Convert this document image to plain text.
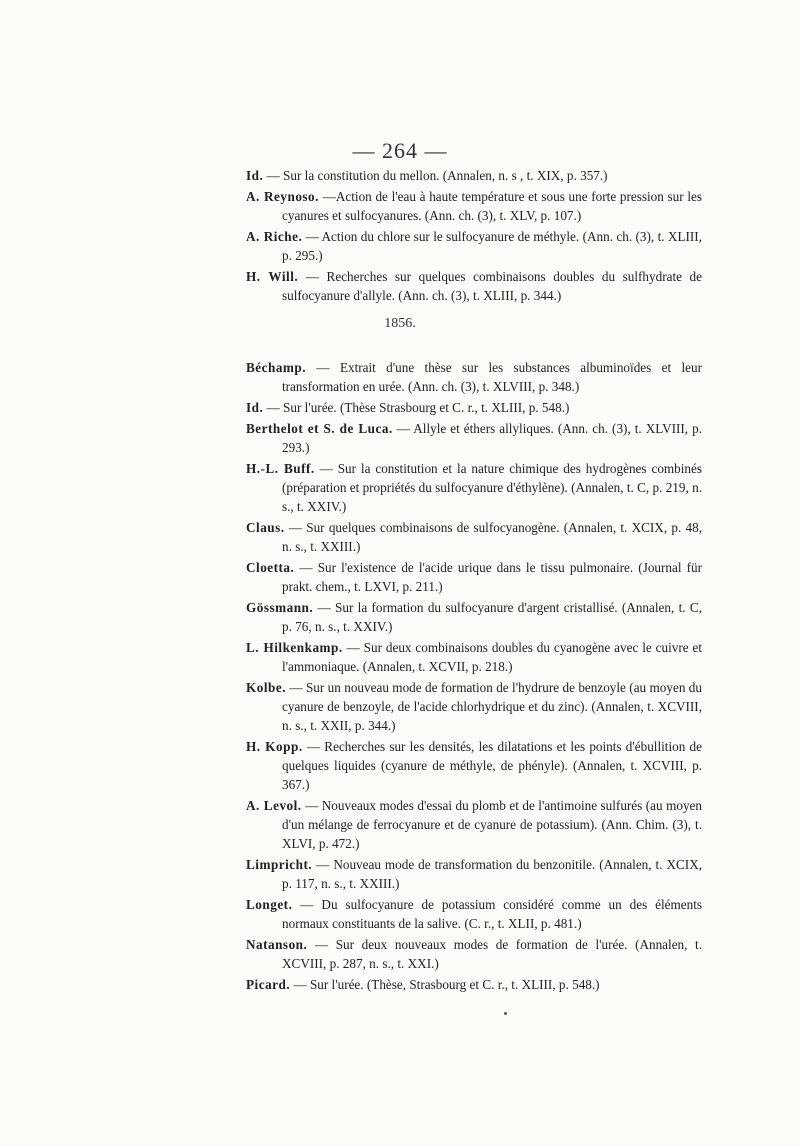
— 264 —
Id. — Sur la constitution du mellon. (Annalen, n. s , t. XIX, p. 357.)
A. Reynoso. —Action de l'eau à haute température et sous une forte pression sur les cyanures et sulfocyanures. (Ann. ch. (3), t. XLV, p. 107.)
A. Riche. — Action du chlore sur le sulfocyanure de méthyle. (Ann. ch. (3), t. XLIII, p. 295.)
H. Will. — Recherches sur quelques combinaisons doubles du sulfhydrate de sulfocyanure d'allyle. (Ann. ch. (3), t. XLIII, p. 344.)
1856.
Béchamp. — Extrait d'une thèse sur les substances albuminoïdes et leur transformation en urée. (Ann. ch. (3), t. XLVIII, p. 348.)
Id. — Sur l'urée. (Thèse Strasbourg et C. r., t. XLIII, p. 548.)
Berthelot et S. de Luca. — Allyle et éthers allyliques. (Ann. ch. (3), t. XLVIII, p. 293.)
H.-L. Buff. — Sur la constitution et la nature chimique des hydrogènes combinés (préparation et propriétés du sulfocyanure d'éthylène). (Annalen, t. C, p. 219, n. s., t. XXIV.)
Claus. — Sur quelques combinaisons de sulfocyanogène. (Annalen, t. XCIX, p. 48, n. s., t. XXIII.)
Cloetta. — Sur l'existence de l'acide urique dans le tissu pulmonaire. (Journal für prakt. chem., t. LXVI, p. 211.)
Gössmann. — Sur la formation du sulfocyanure d'argent cristallisé. (Annalen, t. C, p. 76, n. s., t. XXIV.)
L. Hilkenkamp. — Sur deux combinaisons doubles du cyanogène avec le cuivre et l'ammoniaque. (Annalen, t. XCVII, p. 218.)
Kolbe. — Sur un nouveau mode de formation de l'hydrure de benzoyle (au moyen du cyanure de benzoyle, de l'acide chlorhydrique et du zinc). (Annalen, t. XCVIII, n. s., t. XXII, p. 344.)
H. Kopp. — Recherches sur les densités, les dilatations et les points d'ébullition de quelques liquides (cyanure de méthyle, de phényle). (Annalen, t. XCVIII, p. 367.)
A. Levol. — Nouveaux modes d'essai du plomb et de l'antimoine sulfurés (au moyen d'un mélange de ferrocyanure et de cyanure de potassium). (Ann. Chim. (3), t. XLVI, p. 472.)
Limpricht. — Nouveau mode de transformation du benzonitile. (Annalen, t. XCIX, p. 117, n. s., t. XXIII.)
Longet. — Du sulfocyanure de potassium considéré comme un des éléments normaux constituants de la salive. (C. r., t. XLII, p. 481.)
Natanson. — Sur deux nouveaux modes de formation de l'urée. (Annalen, t. XCVIII, p. 287, n. s., t. XXI.)
Picard. — Sur l'urée. (Thèse, Strasbourg et C. r., t. XLIII, p. 548.)
